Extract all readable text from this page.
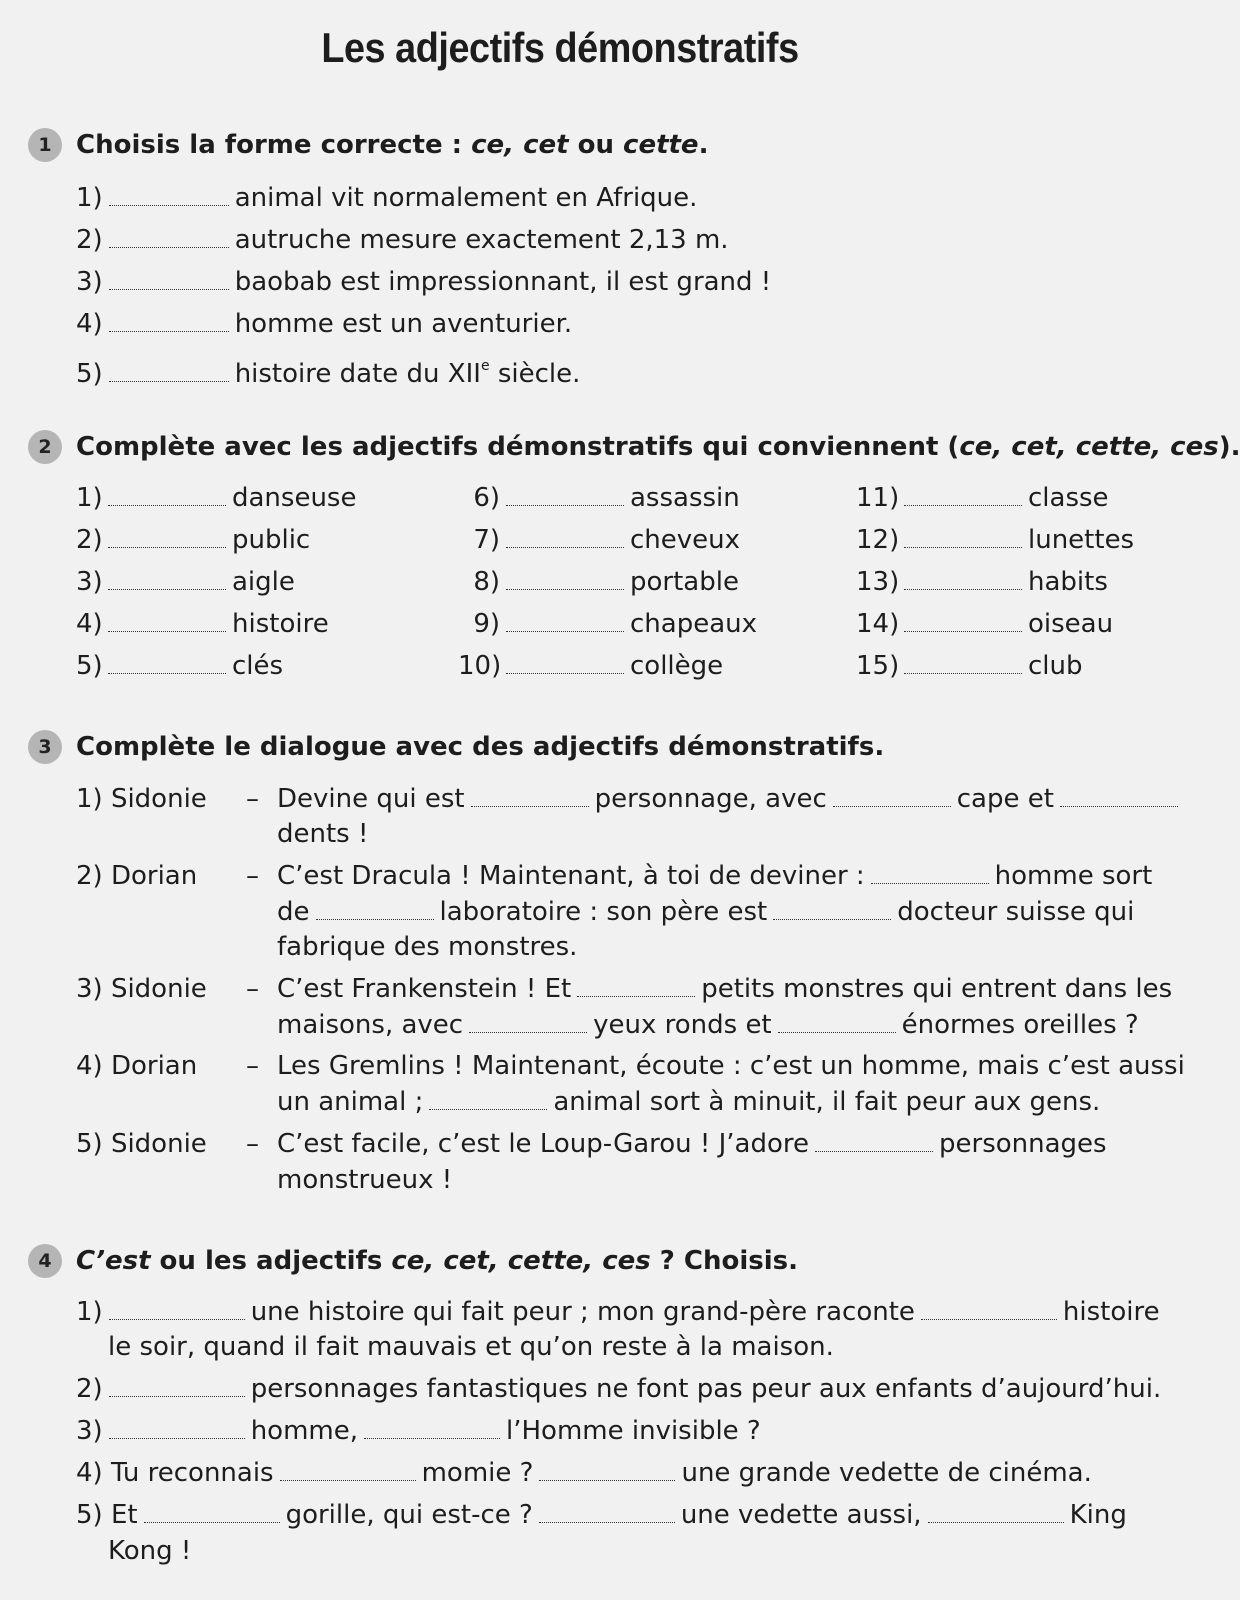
Les adjectifs démonstratifs
1 Choisis la forme correcte : ce, cet ou cette.
1)	animal vit normalement en Afrique.
2)	autruche mesure exactement 2,13 m.
3)	baobab est impressionnant, il est grand !
4)	homme est un aventurier.
5)	histoire date du XIIe siècle.
2 Complète avec les adjectifs démonstratifs qui conviennent (ce, cet, cette, ces).
1)	danseuse
2)	public
3)	aigle
4)	histoire
5)	clés
6)	assassin
7)	cheveux
8)	portable
9)	chapeaux
10)	collège
11)	classe
12)	lunettes
13)	habits
14)	oiseau
15)	club
3 Complète le dialogue avec des adjectifs démonstratifs.
1) Sidonie – Devine qui est	personnage, avec	cape et
dents !
2) Dorian – C’est Dracula ! Maintenant, à toi de deviner :	homme sort
de	laboratoire : son père est	docteur suisse qui
fabrique des monstres.
3) Sidonie – C’est Frankenstein ! Et	petits monstres qui entrent dans les
maisons, avec	yeux ronds et	énormes oreilles ?
4) Dorian – Les Gremlins ! Maintenant, écoute : c’est un homme, mais c’est aussi
un animal ;	animal sort à minuit, il fait peur aux gens.
5) Sidonie – C’est facile, c’est le Loup-Garou ! J’adore	personnages
monstrueux !
4 C’est ou les adjectifs ce, cet, cette, ces ? Choisis.
1)	une histoire qui fait peur ; mon grand-père raconte	histoire
le soir, quand il fait mauvais et qu’on reste à la maison.
2)	personnages fantastiques ne font pas peur aux enfants d’aujourd’hui.
3)	homme,	l’Homme invisible ?
4) Tu reconnais	momie ?	une grande vedette de cinéma.
5) Et	gorille, qui est-ce ?	une vedette aussi,	King
Kong !
